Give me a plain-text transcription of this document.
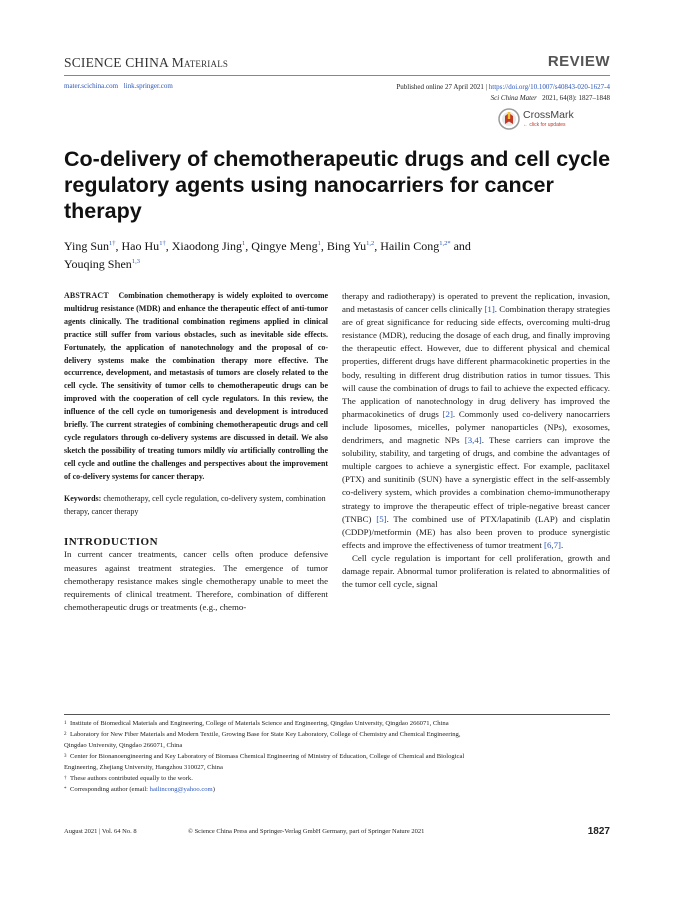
SCIENCE CHINA Materials	REVIEW
mater.scichina.com link.springer.com	Published online 27 April 2021 | https://doi.org/10.1007/s40843-020-1627-4
Sci China Mater 2021, 64(8): 1827–1848
CrossMark
← click for updates
Co-delivery of chemotherapeutic drugs and cell cycle regulatory agents using nanocarriers for cancer therapy
Ying Sun$^{1\dagger}$, Hao $Hu^{1\dagger}$, Xiaodong Jing$^1$, Qingye Meng$^1$, Bing Yu$^{1,2}$, Hailin Cong$^{1,2*}$ and
Youqing Shen$^{1,3}$

ABSTRACT Combination chemotherapy is widely exploited to overcome multidrug resistance (MDR) and enhance the therapeutic effect of anti-tumor agents clinically. The traditional combination regimens applied in clinical practice still suffer from various obstacles, such as inevitable side effects. Fortunately, the application of nanotechnology and the proposal of co-delivery systems make the combination therapy more effective. The occurrence, development, and metastasis of tumors are closely related to the cell cycle. The sensitivity of tumor cells to chemotherapeutic drugs can be improved with the cooperation of cell cycle regulators. In this review, the influence of the cell cycle on tumorigenesis and development is introduced briefly. The current strategies of combining chemotherapeutic drugs and cell cycle regulators through co-delivery systems are discussed in detail. We also sketch the possibility of treating tumors mildly via artificially controlling the cell cycle and outline the challenges and perspectives about the improvement of co-delivery systems for cancer therapy.

Keywords: chemotherapy, cell cycle regulation, co-delivery system, combination therapy, cancer therapy

INTRODUCTION

In current cancer treatments, cancer cells often produce defensive measures against treatment strategies. The emergence of tumor chemotherapy resistance makes single chemotherapy unable to meet the requirements of clinical treatment. Therefore, combination of different chemotherapeutic drugs or treatments (e.g., chemo-

therapy and radiotherapy) is operated to prevent the replication, invasion, and metastasis of cancer cells clinically [1]. Combination therapy strategies are of great significance for reducing side effects, overcoming multi-drug resistance (MDR), reducing the dosage of each drug, and finally improving the therapeutic effect. However, due to different physical and chemical properties, different drugs have different pharmacokinetic properties in the body, resulting in different drug distribution ratios in tumor tissues. This will cause the combination of drugs to fail to achieve the expected efficacy. The application of nanotechnology in drug delivery has improved the pharmacokinetics of drugs [2]. Commonly used co-delivery nanocarriers include liposomes, micelles, polymer nanoparticles (NPs), exosomes, dendrimers, and magnetic NPs [3,4]. These carriers can improve the solubility, stability, and targeting of drugs, and combine the advantages of multiple cargoes to achieve a synergistic effect. For example, paclitaxel (PTX) and sunitinib (SUN) have a synergistic effect in the self-assembly co-delivery system, which provides a combination chemo-immunotherapy strategy to improve the therapeutic effect of triple-negative breast cancer (TNBC) [5]. The combined use of PTX/lapatinib (LAP) and cisplatin (CDDP)/metformin (ME) has also been proven to produce synergistic effects and improve the effectiveness of tumor treatment [6,7].

Cell cycle regulation is important for cell proliferation, growth and damage repair. Abnormal tumor proliferation is related to abnormalities of the tumor cell cycle, signal

1 Institute of Biomedical Materials and Engineering, College of Materials Science and Engineering, Qingdao University, Qingdao 266071, China

2 Laboratory for New Fiber Materials and Modern Textile, Growing Base for State Key Laboratory, College of Chemistry and Chemical Engineering,

Qingdao University, Qingdao 266071, China

3 Center for Bionanoengineering and Key Laboratory of Biomass Chemical Engineering of Ministry of Education, College of Chemical and Biological

Engineering, Zhejiang University, Hangzhou 310027, China

† These authors contributed equally to the work.

* Corresponding author (email: hailincong@yahoo.com)

August 2021 | Vol. 64 No. 8	© Science China Press and Springer-Verlag GmbH Germany, part of Springer Nature 2021	1827
